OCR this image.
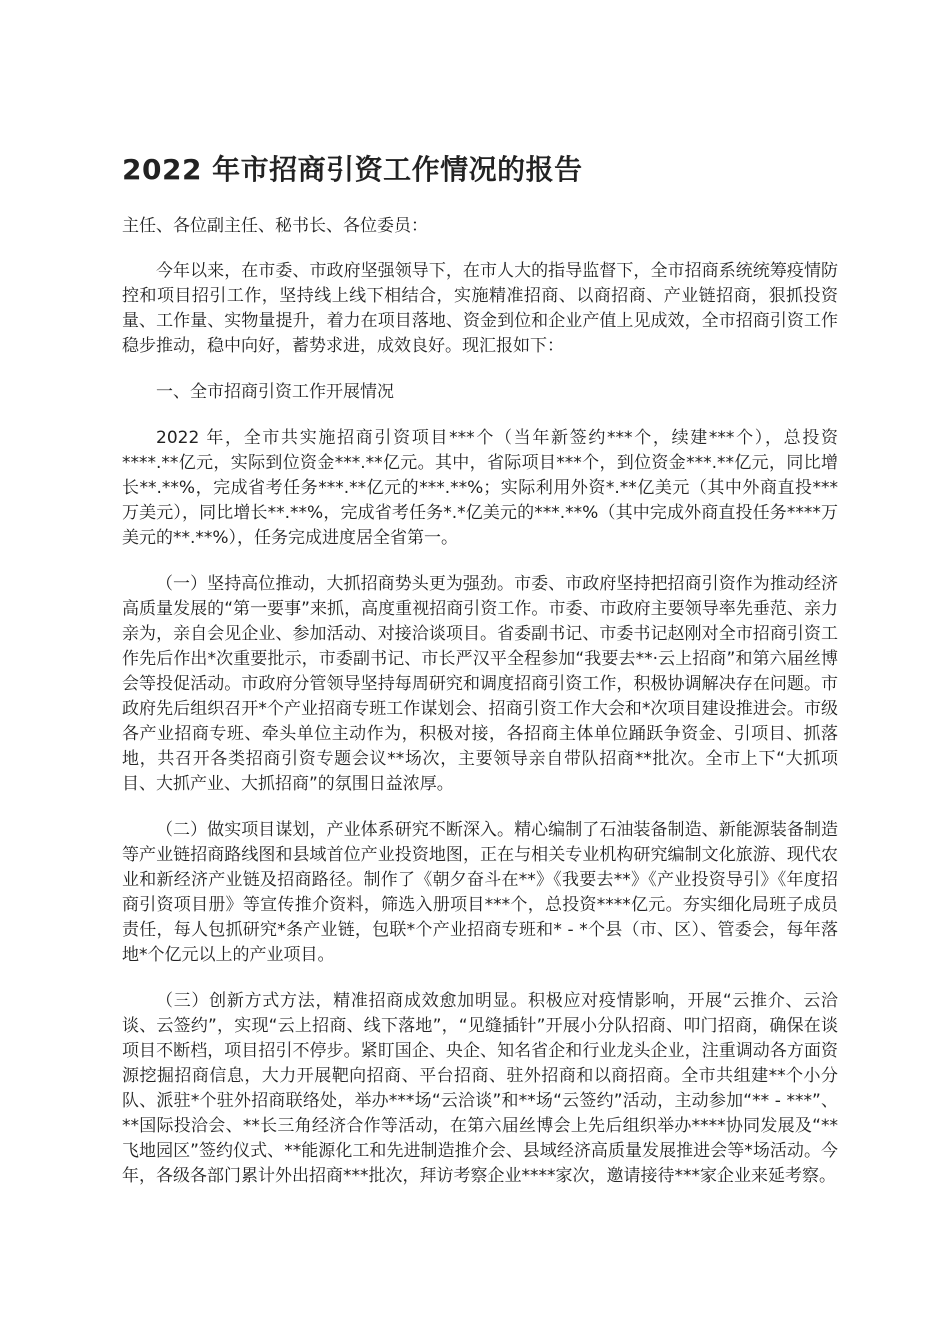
2022 年市招商引资工作情况的报告

主任、各位副主任、秘书长、各位委员：

今年以来，在市委、市政府坚强领导下，在市人大的指导监督下，全市招商系统统筹疫情防控和项目招引工作，坚持线上线下相结合，实施精准招商、以商招商、产业链招商，狠抓投资量、工作量、实物量提升，着力在项目落地、资金到位和企业产值上见成效，全市招商引资工作稳步推动，稳中向好，蓄势求进，成效良好。现汇报如下：

一、全市招商引资工作开展情况

2022 年，全市共实施招商引资项目***个（当年新签约***个，续建***个），总投资****.**亿元，实际到位资金***.**亿元。其中，省际项目***个，到位资金***.**亿元，同比增长**.**%，完成省考任务***.**亿元的***.**%；实际利用外资*.**亿美元（其中外商直投***万美元），同比增长**.**%，完成省考任务*.*亿美元的***.**%（其中完成外商直投任务****万美元的**.**%），任务完成进度居全省第一。

（一）坚持高位推动，大抓招商势头更为强劲。市委、市政府坚持把招商引资作为推动经济高质量发展的“第一要事”来抓，高度重视招商引资工作。市委、市政府主要领导率先垂范、亲力亲为，亲自会见企业、参加活动、对接洽谈项目。省委副书记、市委书记赵刚对全市招商引资工作先后作出*次重要批示，市委副书记、市长严汉平全程参加“我要去**·云上招商”和第六届丝博会等投促活动。市政府分管领导坚持每周研究和调度招商引资工作，积极协调解决存在问题。市政府先后组织召开*个产业招商专班工作谋划会、招商引资工作大会和*次项目建设推进会。市级各产业招商专班、牵头单位主动作为，积极对接，各招商主体单位踊跃争资金、引项目、抓落地，共召开各类招商引资专题会议**场次，主要领导亲自带队招商**批次。全市上下“大抓项目、大抓产业、大抓招商”的氛围日益浓厚。

（二）做实项目谋划，产业体系研究不断深入。精心编制了石油装备制造、新能源装备制造等产业链招商路线图和县域首位产业投资地图，正在与相关专业机构研究编制文化旅游、现代农业和新经济产业链及招商路径。制作了《朝夕奋斗在**》《我要去**》《产业投资导引》《年度招商引资项目册》等宣传推介资料，筛选入册项目***个，总投资****亿元。夯实细化局班子成员责任，每人包抓研究*条产业链，包联*个产业招商专班和* - *个县（市、区）、管委会，每年落地*个亿元以上的产业项目。

（三）创新方式方法，精准招商成效愈加明显。积极应对疫情影响，开展“云推介、云洽谈、云签约”，实现“云上招商、线下落地”，“见缝插针”开展小分队招商、叩门招商，确保在谈项目不断档，项目招引不停步。紧盯国企、央企、知名省企和行业龙头企业，注重调动各方面资源挖掘招商信息，大力开展靶向招商、平台招商、驻外招商和以商招商。全市共组建**个小分队、派驻*个驻外招商联络处，举办***场“云洽谈”和**场“云签约”活动，主动参加“** - ***”、**国际投洽会、**长三角经济合作等活动，在第六届丝博会上先后组织举办****协同发展及“**飞地园区”签约仪式、**能源化工和先进制造推介会、县域经济高质量发展推进会等*场活动。今年，各级各部门累计外出招商***批次，拜访考察企业****家次，邀请接待***家企业来延考察。
